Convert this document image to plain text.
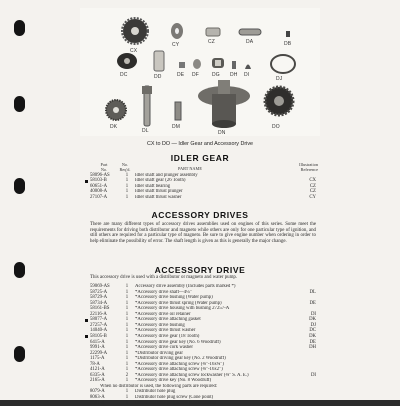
CX
CY	CZ	DA	DB
DC	DD	DE DF	DG DH DI
DJ
DK
DL
DM
DN
DO
CX to DO — Idler Gear and Accessory Drive
IDLER GEAR
Part
No.
No.
Req'd.	PART NAME
Illustration
Reference
58096-AS	1	Idler shaft and plunger assembly
58103-B	1	Idler shaft gear (26 Tooth)	CX
60651-A	1	Idler shaft bearing	CZ
40008-A	1	Idler shaft thrust plunger	CZ
27107-A	1	Idler shaft thrust washer	CY
ACCESSORY DRIVES
There are many different types of accessory drives assemblies used on engines of this series. Some meet the requirements for driving both distributor and magneto while others are only for one particular type of ignition, and still others are required for a particular type of magneto. Be sure to give engine number when ordering in order to help eliminate the possibility of error. The shaft length is given as this is generally the major change.
ACCESSORY DRIVE
This accessory drive is used with a distributor or magneto and water pump.
59069-AS	1	Accessory drive assembly (Includes parts marked *)
58725-A	1	*Accessory drive shaft—4¼"	DL
58729-A	1	*Accessory drive bushing (Water pump)
58734-A	1	*Accessory drive thrust spring (Water pump)	DE
58161-BS	1	*Accessory drive housing with bushing 27257-A
22116-A	1	*Accessory drive oil retainer	DI
58077-A	1	*Accessory drive attaching gasket	DK
27257-A	1	*Accessory drive bushing	DJ
14040-A	1	*Accessory drive thrust washer	DC
58105-B	1	*Accessory drive gear (18 Tooth)	DK
6415-A	1	*Accessory drive gear key (No. 6 Woodruff)	DE
9991-A	1	*Accessory drive cork washer	DH
22299-A	1	*Distributor driving gear
1175-A	1	*Distributor driving gear key (No. 2 Woodruff)
78-A	1	*Accessory drive attaching screw (⅜"-16x¾")
4121-A	1	*Accessory drive attaching screw (⅜"-16x2")
6335-A	2	*Accessory drive attaching screw lockwasher (⅜" S. A. E.)	DI
2165-A	1	*Accessory drive key (No. 8 Woodruff)
When no distributor is used, the following parts are required:
8079-A	1	Distributor hole plug
8063-A	1	Distributor hole plug screw (Cone point)
8061-A	1	Distributor hole plug screw (Lockwasher)
